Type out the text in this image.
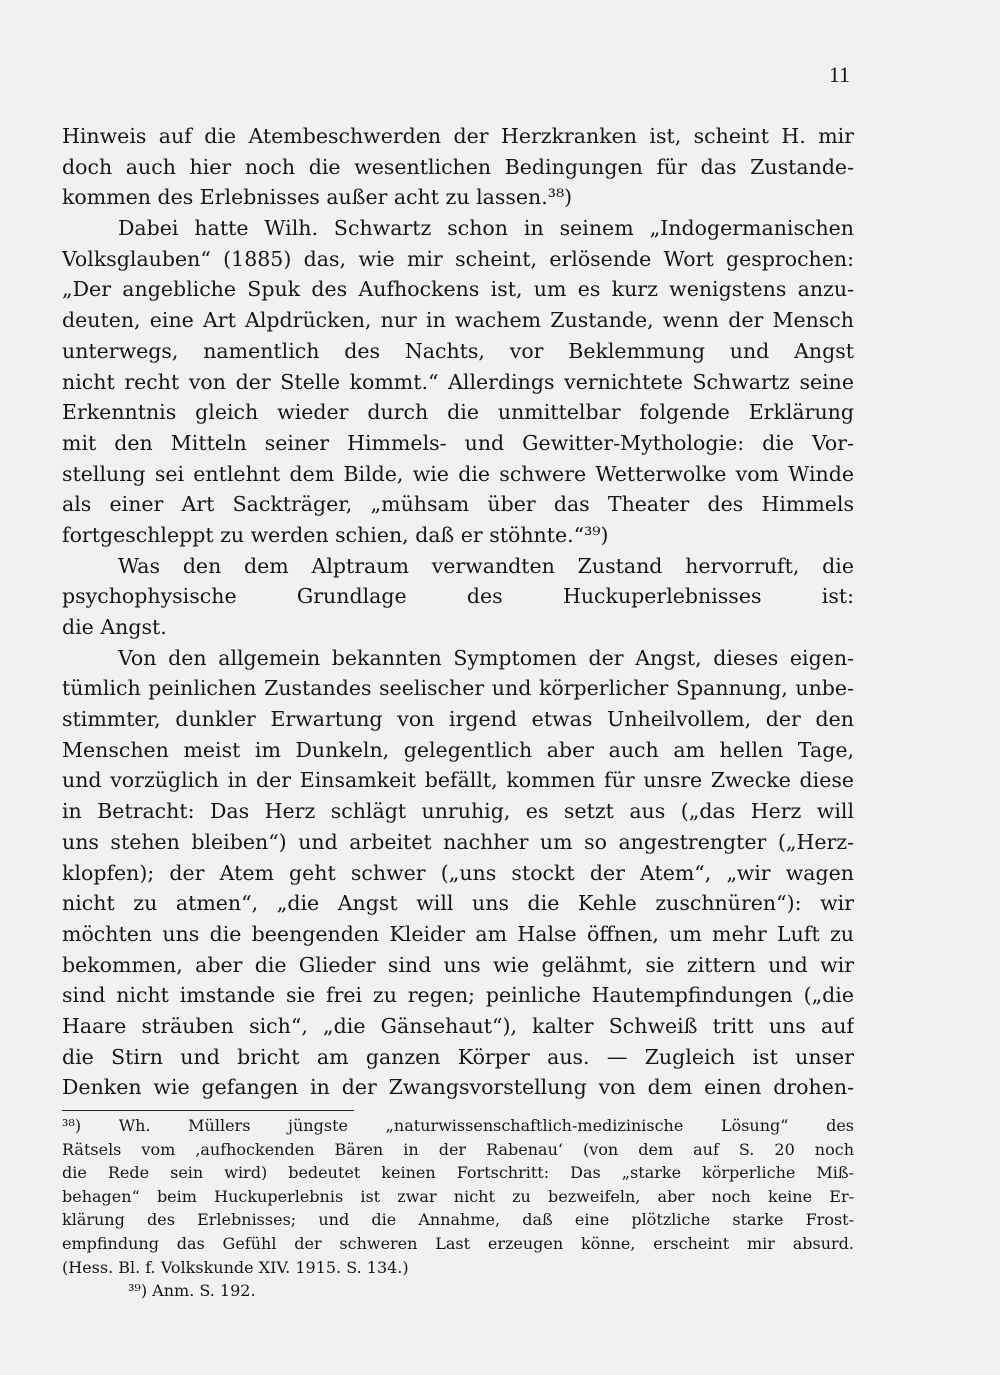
11
Hinweis auf die Atembeschwerden der Herzkranken ist, scheint H. mir
doch auch hier noch die wesentlichen Bedingungen für das Zustande-
kommen des Erlebnisses außer acht zu lassen.³⁸)
Dabei hatte Wilh. Schwartz schon in seinem „Indogermanischen
Volksglauben“ (1885) das, wie mir scheint, erlösende Wort gesprochen:
„Der angebliche Spuk des Aufhockens ist, um es kurz wenigstens anzu-
deuten, eine Art Alpdrücken, nur in wachem Zustande, wenn der Mensch
unterwegs, namentlich des Nachts, vor Beklemmung und Angst
nicht recht von der Stelle kommt.“ Allerdings vernichtete Schwartz seine
Erkenntnis gleich wieder durch die unmittelbar folgende Erklärung
mit den Mitteln seiner Himmels- und Gewitter-Mythologie: die Vor-
stellung sei entlehnt dem Bilde, wie die schwere Wetterwolke vom Winde
als einer Art Sackträger, „mühsam über das Theater des Himmels
fortgeschleppt zu werden schien, daß er stöhnte.“³⁹)
Was den dem Alptraum verwandten Zustand hervorruft, die
psychophysische Grundlage des Huckuperlebnisses ist:
die Angst.
Von den allgemein bekannten Symptomen der Angst, dieses eigen-
tümlich peinlichen Zustandes seelischer und körperlicher Spannung, unbe-
stimmter, dunkler Erwartung von irgend etwas Unheilvollem, der den
Menschen meist im Dunkeln, gelegentlich aber auch am hellen Tage,
und vorzüglich in der Einsamkeit befällt, kommen für unsre Zwecke diese
in Betracht: Das Herz schlägt unruhig, es setzt aus („das Herz will
uns stehen bleiben“) und arbeitet nachher um so angestrengter („Herz-
klopfen); der Atem geht schwer („uns stockt der Atem“, „wir wagen
nicht zu atmen“, „die Angst will uns die Kehle zuschnüren“): wir
möchten uns die beengenden Kleider am Halse öffnen, um mehr Luft zu
bekommen, aber die Glieder sind uns wie gelähmt, sie zittern und wir
sind nicht imstande sie frei zu regen; peinliche Hautempfindungen („die
Haare sträuben sich“, „die Gänsehaut“), kalter Schweiß tritt uns auf
die Stirn und bricht am ganzen Körper aus. — Zugleich ist unser
Denken wie gefangen in der Zwangsvorstellung von dem einen drohen-
³⁸) Wh. Müllers jüngste „naturwissenschaftlich-medizinische Lösung“ des
Rätsels vom ‚aufhockenden Bären in der Rabenau‘ (von dem auf S. 20 noch
die Rede sein wird) bedeutet keinen Fortschritt: Das „starke körperliche Miß-
behagen“ beim Huckuperlebnis ist zwar nicht zu bezweifeln, aber noch keine Er-
klärung des Erlebnisses; und die Annahme, daß eine plötzliche starke Frost-
empfindung das Gefühl der schweren Last erzeugen könne, erscheint mir absurd.
(Hess. Bl. f. Volkskunde XIV. 1915. S. 134.)
³⁹) Anm. S. 192.
